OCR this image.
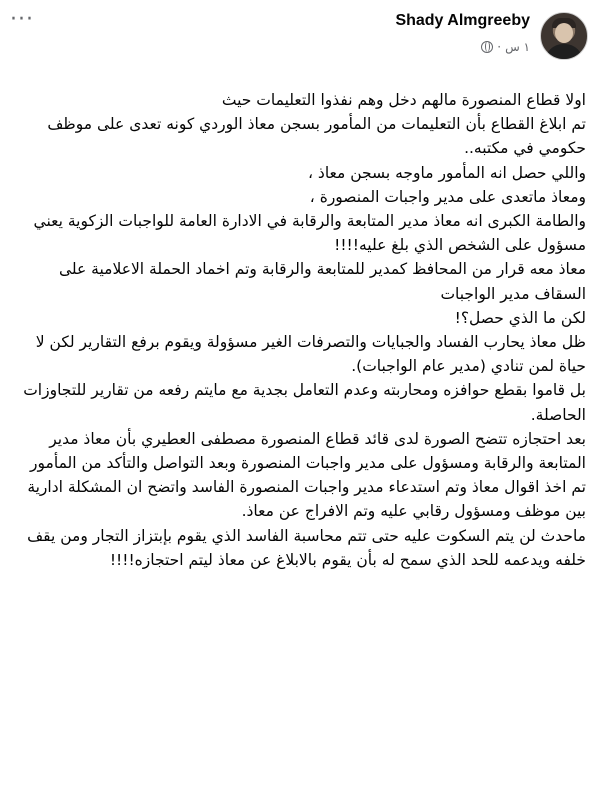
···	Shady Almgreeby
١ س
·

اولا قطاع المنصورة مالهم دخل وهم نفذوا التعليمات حيث

تم ابلاغ القطاع بأن التعليمات من المأمور بسجن معاذ الوردي كونه تعدى على موظف حكومي في مكتبه..

واللي حصل انه المأمور ماوجه بسجن معاذ ،

ومعاذ ماتعدى على مدير واجبات المنصورة ،

والطامة الكبرى انه معاذ مدير المتابعة والرقابة في الادارة العامة للواجبات الزكوية يعني مسؤول على الشخص الذي بلغ عليه!!!!

معاذ معه قرار من المحافظ كمدير للمتابعة والرقابة وتم اخماد الحملة الاعلامية على السقاف مدير الواجبات

لكن ما الذي حصل؟!

ظل معاذ يحارب الفساد والجبايات والتصرفات الغير مسؤولة ويقوم برفع التقارير لكن لا حياة لمن تنادي (مدير عام الواجبات).

بل قاموا بقطع حوافزه ومحاربته وعدم التعامل بجدية مع مايتم رفعه من تقارير للتجاوزات الحاصلة.

بعد احتجازه تتضح الصورة لدى قائد قطاع المنصورة مصطفى العطيري بأن معاذ مدير المتابعة والرقابة ومسؤول على مدير واجبات المنصورة وبعد التواصل والتأكد من المأمور تم اخذ اقوال معاذ وتم استدعاء مدير واجبات المنصورة الفاسد واتضح ان المشكلة ادارية بين موظف ومسؤول رقابي عليه وتم الافراج عن معاذ.

ماحدث لن يتم السكوت عليه حتى تتم محاسبة الفاسد الذي يقوم بإبتزاز التجار ومن يقف خلفه ويدعمه للحد الذي سمح له بأن يقوم بالابلاغ عن معاذ ليتم احتجازه!!!!
